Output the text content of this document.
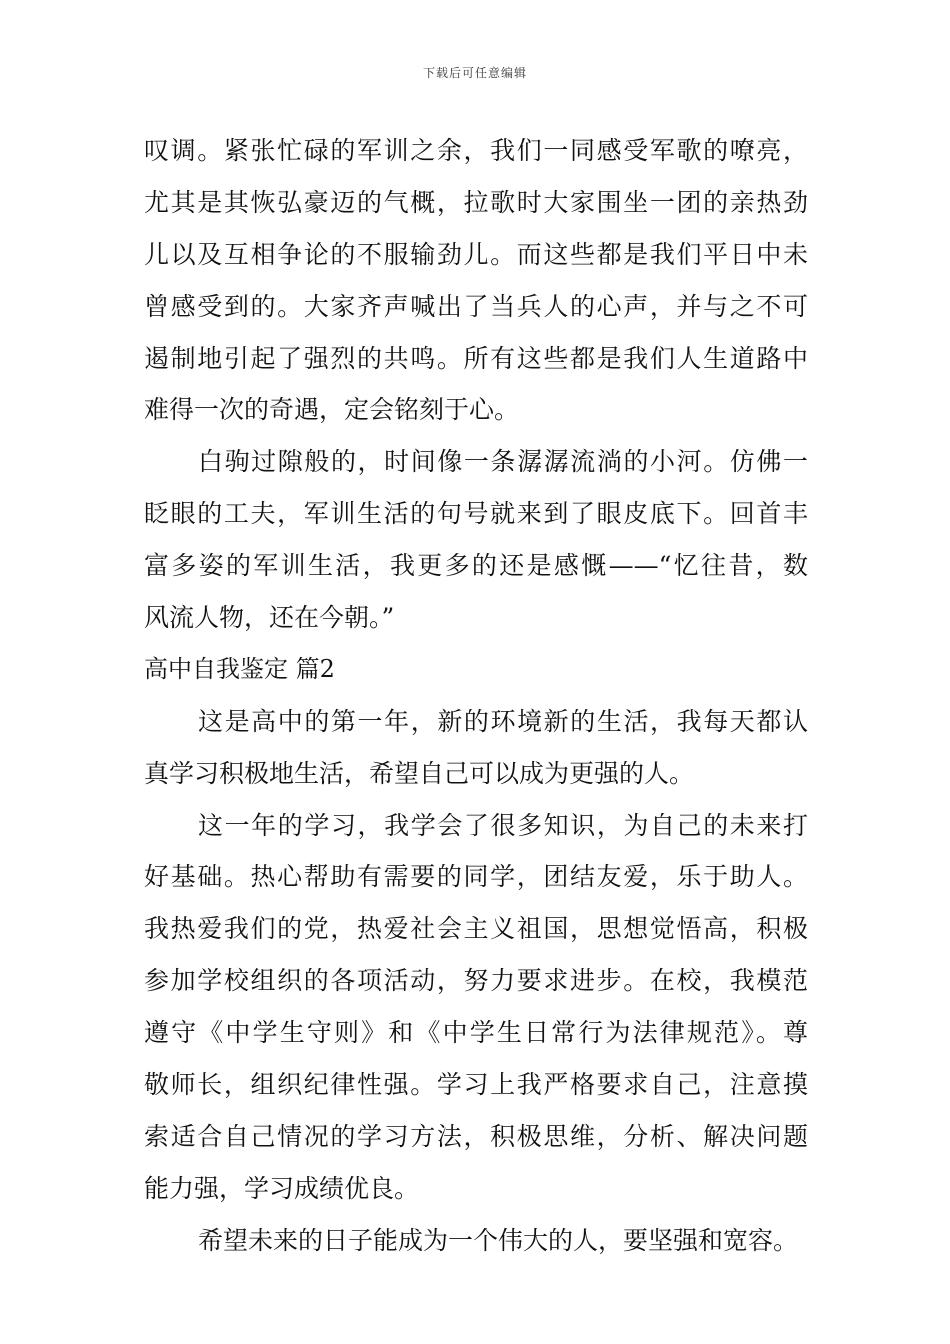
下载后可任意编辑
叹调。紧张忙碌的军训之余，我们一同感受军歌的嘹亮，
尤其是其恢弘豪迈的气概，拉歌时大家围坐一团的亲热劲
儿以及互相争论的不服输劲儿。而这些都是我们平日中未
曾感受到的。大家齐声喊出了当兵人的心声，并与之不可
遏制地引起了强烈的共鸣。所有这些都是我们人生道路中
难得一次的奇遇，定会铭刻于心。
白驹过隙般的，时间像一条潺潺流淌的小河。仿佛一
眨眼的工夫，军训生活的句号就来到了眼皮底下。回首丰
富多姿的军训生活，我更多的还是感慨——“忆往昔，数
风流人物，还在今朝。”
高中自我鉴定 篇2
这是高中的第一年，新的环境新的生活，我每天都认
真学习积极地生活，希望自己可以成为更强的人。
这一年的学习，我学会了很多知识，为自己的未来打
好基础。热心帮助有需要的同学，团结友爱，乐于助人。
我热爱我们的党，热爱社会主义祖国，思想觉悟高，积极
参加学校组织的各项活动，努力要求进步。在校，我模范
遵守《中学生守则》和《中学生日常行为法律规范》。尊
敬师长，组织纪律性强。学习上我严格要求自己，注意摸
索适合自己情况的学习方法，积极思维，分析、解决问题
能力强，学习成绩优良。
希望未来的日子能成为一个伟大的人，要坚强和宽容。
